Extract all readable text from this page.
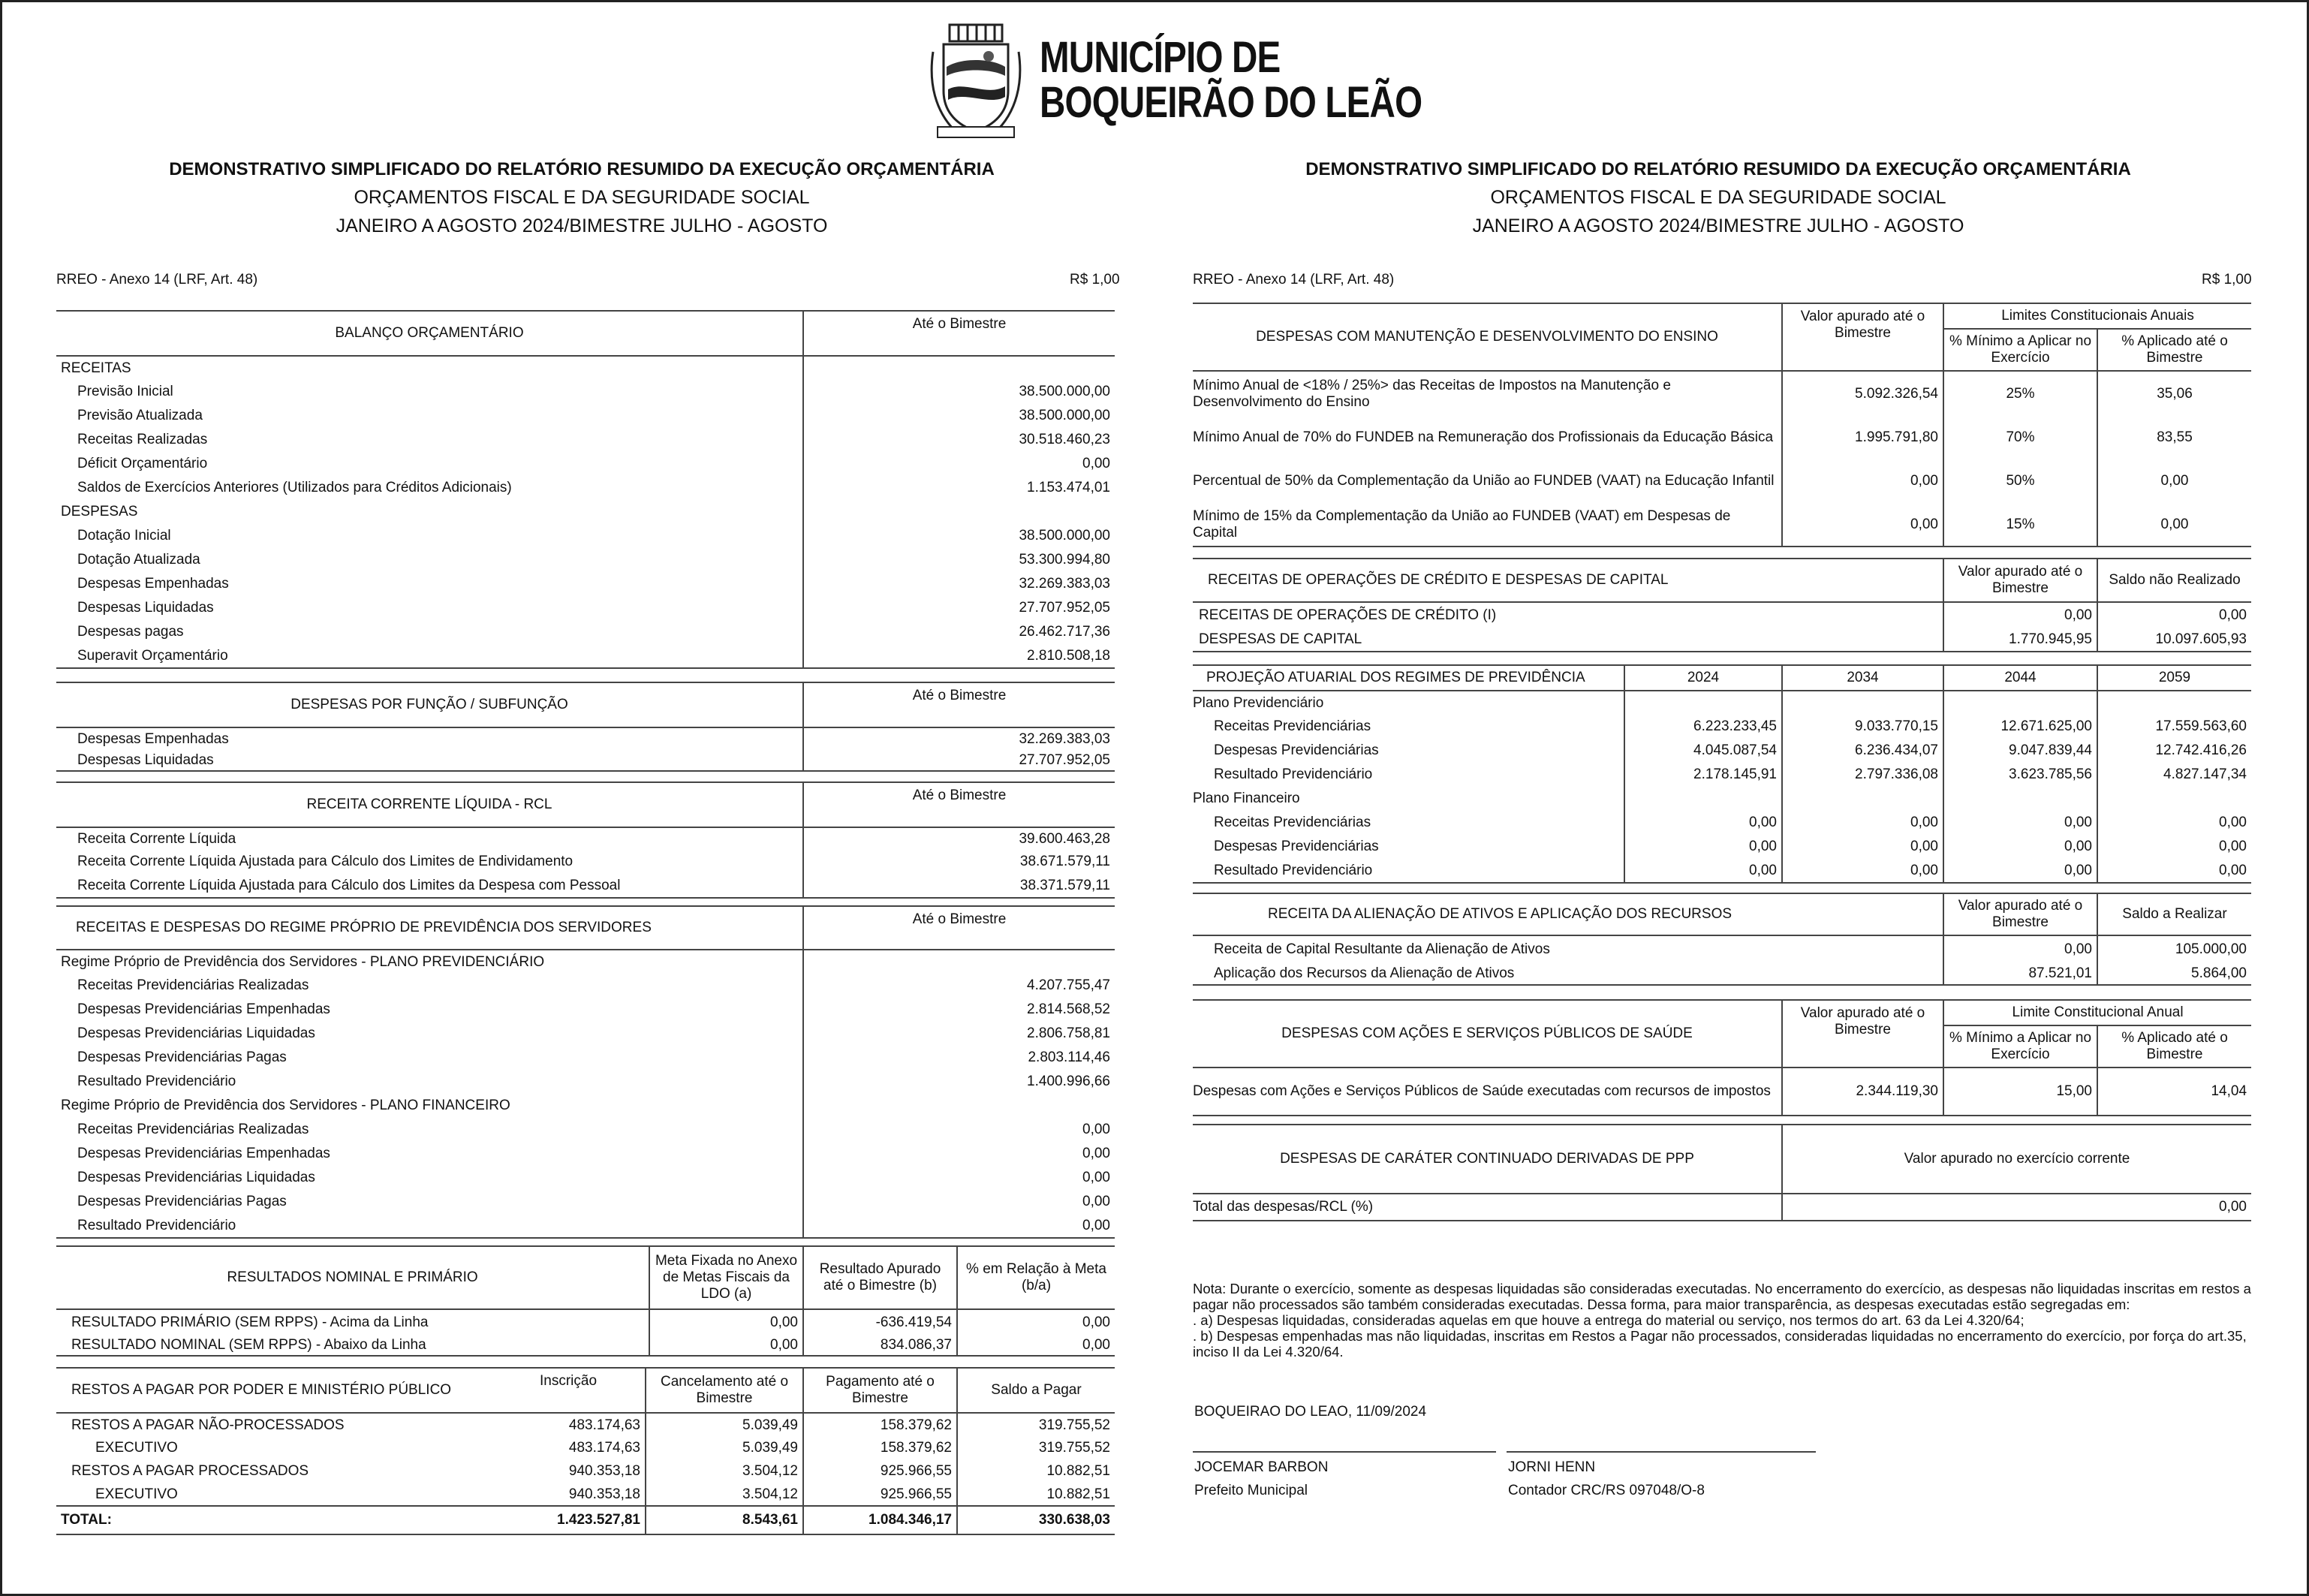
MUNICÍPIO DE
BOQUEIRÃO DO LEÃO
DEMONSTRATIVO SIMPLIFICADO DO RELATÓRIO RESUMIDO DA EXECUÇÃO ORÇAMENTÁRIA
ORÇAMENTOS FISCAL E DA SEGURIDADE SOCIAL
JANEIRO A AGOSTO 2024/BIMESTRE JULHO - AGOSTO
DEMONSTRATIVO SIMPLIFICADO DO RELATÓRIO RESUMIDO DA EXECUÇÃO ORÇAMENTÁRIA
ORÇAMENTOS FISCAL E DA SEGURIDADE SOCIAL
JANEIRO A AGOSTO 2024/BIMESTRE JULHO - AGOSTO
RREO - Anexo 14 (LRF, Art. 48)	R$ 1,00	RREO - Anexo 14 (LRF, Art. 48)	R$ 1,00
BALANÇO ORÇAMENTÁRIO	Até o Bimestre
RECEITAS	
Previsão Inicial	38.500.000,00
Previsão Atualizada	38.500.000,00
Receitas Realizadas	30.518.460,23
Déficit Orçamentário	0,00
Saldos de Exercícios Anteriores (Utilizados para Créditos Adicionais)	1.153.474,01
DESPESAS	
Dotação Inicial	38.500.000,00
Dotação Atualizada	53.300.994,80
Despesas Empenhadas	32.269.383,03
Despesas Liquidadas	27.707.952,05
Despesas pagas	26.462.717,36
Superavit Orçamentário	2.810.508,18
DESPESAS POR FUNÇÃO / SUBFUNÇÃO	Até o Bimestre
Despesas Empenhadas	32.269.383,03
Despesas Liquidadas	27.707.952,05
RECEITA CORRENTE LÍQUIDA - RCL	Até o Bimestre
Receita Corrente Líquida	39.600.463,28
Receita Corrente Líquida Ajustada para Cálculo dos Limites de Endividamento	38.671.579,11
Receita Corrente Líquida Ajustada para Cálculo dos Limites da Despesa com Pessoal	38.371.579,11
RECEITAS E DESPESAS DO REGIME PRÓPRIO DE PREVIDÊNCIA DOS SERVIDORES	Até o Bimestre
Regime Próprio de Previdência dos Servidores - PLANO PREVIDENCIÁRIO	
Receitas Previdenciárias Realizadas	4.207.755,47
Despesas Previdenciárias Empenhadas	2.814.568,52
Despesas Previdenciárias Liquidadas	2.806.758,81
Despesas Previdenciárias Pagas	2.803.114,46
Resultado Previdenciário	1.400.996,66
Regime Próprio de Previdência dos Servidores - PLANO FINANCEIRO	
Receitas Previdenciárias Realizadas	0,00
Despesas Previdenciárias Empenhadas	0,00
Despesas Previdenciárias Liquidadas	0,00
Despesas Previdenciárias Pagas	0,00
Resultado Previdenciário	0,00
RESULTADOS NOMINAL E PRIMÁRIO	Meta Fixada no Anexo de Metas Fiscais da LDO (a)	Resultado Apurado até o Bimestre (b)	% em Relação à Meta (b/a)
RESULTADO PRIMÁRIO (SEM RPPS) - Acima da Linha	0,00	-636.419,54	0,00
RESULTADO NOMINAL (SEM RPPS) - Abaixo da Linha	0,00	834.086,37	0,00
RESTOS A PAGAR POR PODER E MINISTÉRIO PÚBLICO	Inscrição	Cancelamento até o Bimestre	Pagamento até o Bimestre	Saldo a Pagar
RESTOS A PAGAR NÃO-PROCESSADOS	483.174,63	5.039,49	158.379,62	319.755,52
EXECUTIVO	483.174,63	5.039,49	158.379,62	319.755,52
RESTOS A PAGAR PROCESSADOS	940.353,18	3.504,12	925.966,55	10.882,51
EXECUTIVO	940.353,18	3.504,12	925.966,55	10.882,51
TOTAL:	1.423.527,81	8.543,61	1.084.346,17	330.638,03
DESPESAS COM MANUTENÇÃO E DESENVOLVIMENTO DO ENSINO	Valor apurado até o Bimestre	Limites Constitucionais Anuais	
		% Mínimo a Aplicar no Exercício	% Aplicado até o Bimestre
Mínimo Anual de <18% / 25%> das Receitas de Impostos na Manutenção e Desenvolvimento do Ensino	5.092.326,54	25%	35,06
Mínimo Anual de 70% do FUNDEB na Remuneração dos Profissionais da Educação Básica	1.995.791,80	70%	83,55
Percentual de 50% da Complementação da União ao FUNDEB (VAAT) na Educação Infantil	0,00	50%	0,00
Mínimo de 15% da Complementação da União ao FUNDEB (VAAT) em Despesas de Capital	0,00	15%	0,00
RECEITAS DE OPERAÇÕES DE CRÉDITO E DESPESAS DE CAPITAL	Valor apurado até o Bimestre	Saldo não Realizado
RECEITAS DE OPERAÇÕES DE CRÉDITO (I)	0,00	0,00
DESPESAS DE CAPITAL	1.770.945,95	10.097.605,93
PROJEÇÃO ATUARIAL DOS REGIMES DE PREVIDÊNCIA	2024	2034	2044	2059
Plano Previdenciário				
Receitas Previdenciárias	6.223.233,45	9.033.770,15	12.671.625,00	17.559.563,60
Despesas Previdenciárias	4.045.087,54	6.236.434,07	9.047.839,44	12.742.416,26
Resultado Previdenciário	2.178.145,91	2.797.336,08	3.623.785,56	4.827.147,34
Plano Financeiro				
Receitas Previdenciárias	0,00	0,00	0,00	0,00
Despesas Previdenciárias	0,00	0,00	0,00	0,00
Resultado Previdenciário	0,00	0,00	0,00	0,00
RECEITA DA ALIENAÇÃO DE ATIVOS E APLICAÇÃO DOS RECURSOS	Valor apurado até o Bimestre	Saldo a Realizar
Receita de Capital Resultante da Alienação de Ativos	0,00	105.000,00
Aplicação dos Recursos da Alienação de Ativos	87.521,01	5.864,00
DESPESAS COM AÇÕES E SERVIÇOS PÚBLICOS DE SAÚDE	Valor apurado até o Bimestre	Limite Constitucional Anual	
		% Mínimo a Aplicar no Exercício	% Aplicado até o Bimestre
Despesas com Ações e Serviços Públicos de Saúde executadas com recursos de impostos	2.344.119,30	15,00	14,04
DESPESAS DE CARÁTER CONTINUADO DERIVADAS DE PPP	Valor apurado no exercício corrente
Total das despesas/RCL (%)	0,00
Nota: Durante o exercício, somente as despesas liquidadas são consideradas executadas. No encerramento do exercício, as despesas não liquidadas inscritas em restos a pagar não processados são também consideradas executadas. Dessa forma, para maior transparência, as despesas executadas estão segregadas em:
. a) Despesas liquidadas, consideradas aquelas em que houve a entrega do material ou serviço, nos termos do art. 63 da Lei 4.320/64;
. b) Despesas empenhadas mas não liquidadas, inscritas em Restos a Pagar não processados, consideradas liquidadas no encerramento do exercício, por força do art.35, inciso II da Lei 4.320/64.
BOQUEIRAO DO LEAO, 11/09/2024
JOCEMAR BARBON
Prefeito Municipal
JORNI HENN
Contador CRC/RS 097048/O-8
